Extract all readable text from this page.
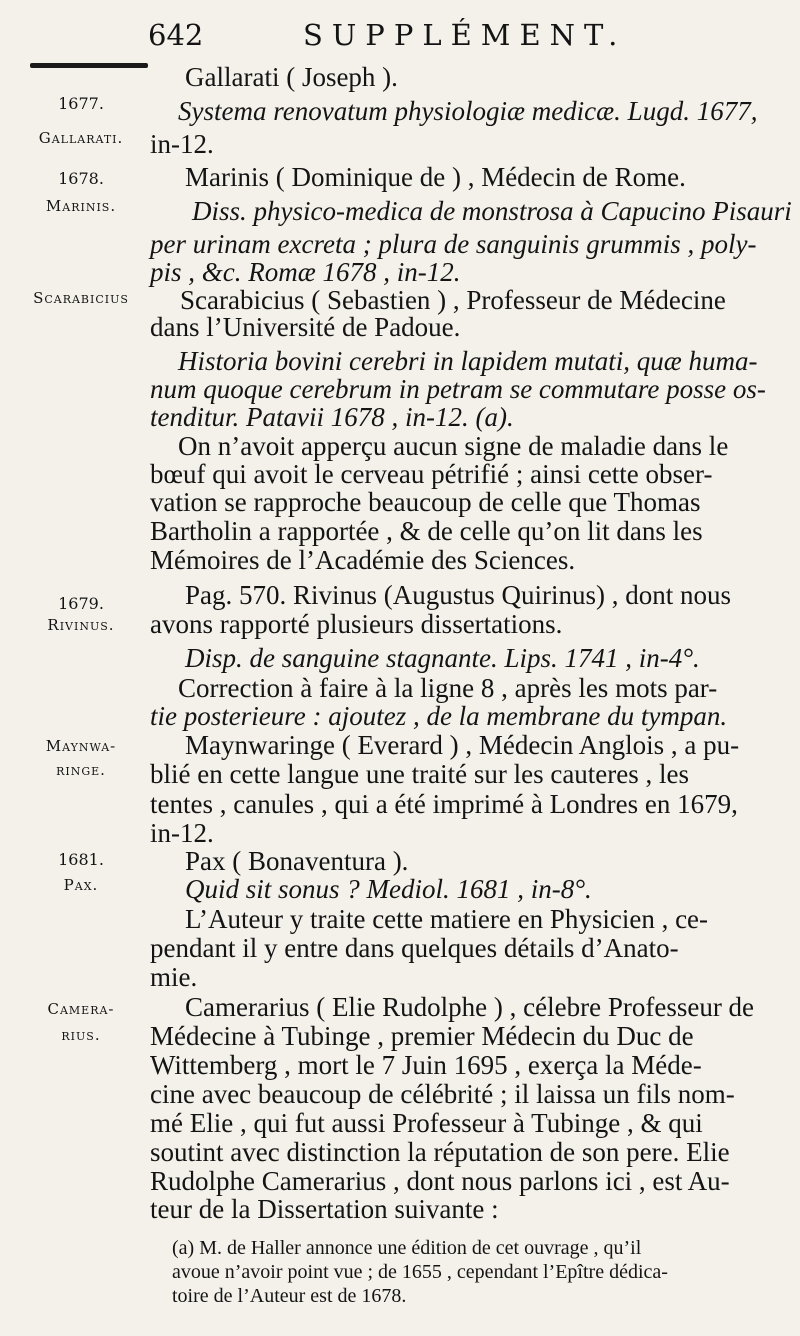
642	SUPPLÉMENT.
1677.
Gallarati.
1678.
Marinis.
Scarabicius
1679.
Rivinus.
Maynwa-
ringe.
1681.
Pax.
Camera-
rius.
Gallarati ( Joseph ).
Systema renovatum physiologiæ medicæ. Lugd. 1677,
in-12.
Marinis ( Dominique de ) , Médecin de Rome.
Diss. physico-medica de monstrosa à Capucino Pisauri
per urinam excreta ; plura de sanguinis grummis , poly-
pis , &c. Romæ 1678 , in-12.
Scarabicius ( Sebastien ) , Professeur de Médecine
dans l’Université de Padoue.
Historia bovini cerebri in lapidem mutati, quæ huma-
num quoque cerebrum in petram se commutare posse os-
tenditur. Patavii 1678 , in-12. (a).
On n’avoit apperçu aucun signe de maladie dans le
bœuf qui avoit le cerveau pétrifié ; ainsi cette obser-
vation se rapproche beaucoup de celle que Thomas
Bartholin a rapportée , & de celle qu’on lit dans les
Mémoires de l’Académie des Sciences.
Pag. 570. Rivinus (Augustus Quirinus) , dont nous
avons rapporté plusieurs dissertations.
Disp. de sanguine stagnante. Lips. 1741 , in-4°.
Correction à faire à la ligne 8 , après les mots par-
tie posterieure : ajoutez , de la membrane du tympan.
Maynwaringe ( Everard ) , Médecin Anglois , a pu-
blié en cette langue une traité sur les cauteres , les
tentes , canules , qui a été imprimé à Londres en 1679,
in-12.
Pax ( Bonaventura ).
Quid sit sonus ? Mediol. 1681 , in-8°.
L’Auteur y traite cette matiere en Physicien , ce-
pendant il y entre dans quelques détails d’Anato-
mie.
Camerarius ( Elie Rudolphe ) , célebre Professeur de
Médecine à Tubinge , premier Médecin du Duc de
Wittemberg , mort le 7 Juin 1695 , exerça la Méde-
cine avec beaucoup de célébrité ; il laissa un fils nom-
mé Elie , qui fut aussi Professeur à Tubinge , & qui
soutint avec distinction la réputation de son pere. Elie
Rudolphe Camerarius , dont nous parlons ici , est Au-
teur de la Dissertation suivante :
(a) M. de Haller annonce une édition de cet ouvrage , qu’il
avoue n’avoir point vue ; de 1655 , cependant l’Epître dédica-
toire de l’Auteur est de 1678.
